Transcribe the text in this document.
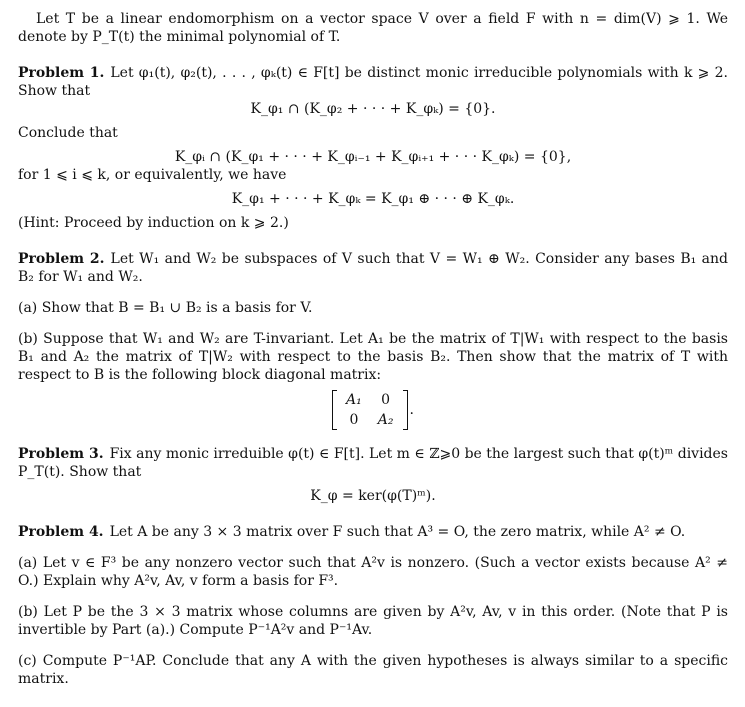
Let T be a linear endomorphism on a vector space V over a field F with n = dim(V) ⩾ 1. We denote by P_T(t) the minimal polynomial of T.

Problem 1. Let φ₁(t), φ₂(t), . . . , φₖ(t) ∈ F[t] be distinct monic irreducible polynomials with k ⩾ 2. Show that

K_φ₁ ∩ (K_φ₂ + · · · + K_φₖ) = {0}.

Conclude that

K_φᵢ ∩ (K_φ₁ + · · · + K_φᵢ₋₁ + K_φᵢ₊₁ + · · · K_φₖ) = {0},

for 1 ⩽ i ⩽ k, or equivalently, we have

K_φ₁ + · · · + K_φₖ = K_φ₁ ⊕ · · · ⊕ K_φₖ.

(Hint: Proceed by induction on k ⩾ 2.)

Problem 2. Let W₁ and W₂ be subspaces of V such that V = W₁ ⊕ W₂. Consider any bases B₁ and B₂ for W₁ and W₂.

(a) Show that B = B₁ ∪ B₂ is a basis for V.

(b) Suppose that W₁ and W₂ are T-invariant. Let A₁ be the matrix of T|W₁ with respect to the basis B₁ and A₂ the matrix of T|W₂ with respect to the basis B₂. Then show that the matrix of T with respect to B is the following block diagonal matrix:

A₁	0
0	A₂
.

Problem 3. Fix any monic irreduible φ(t) ∈ F[t]. Let m ∈ ℤ⩾0 be the largest such that φ(t)ᵐ divides P_T(t). Show that

K_φ = ker(φ(T)ᵐ).

Problem 4. Let A be any 3 × 3 matrix over F such that A³ = O, the zero matrix, while A² ≠ O.

(a) Let v ∈ F³ be any nonzero vector such that A²v is nonzero. (Such a vector exists because A² ≠ O.) Explain why A²v, Av, v form a basis for F³.

(b) Let P be the 3 × 3 matrix whose columns are given by A²v, Av, v in this order. (Note that P is invertible by Part (a).) Compute P⁻¹A²v and P⁻¹Av.

(c) Compute P⁻¹AP. Conclude that any A with the given hypotheses is always similar to a specific matrix.
